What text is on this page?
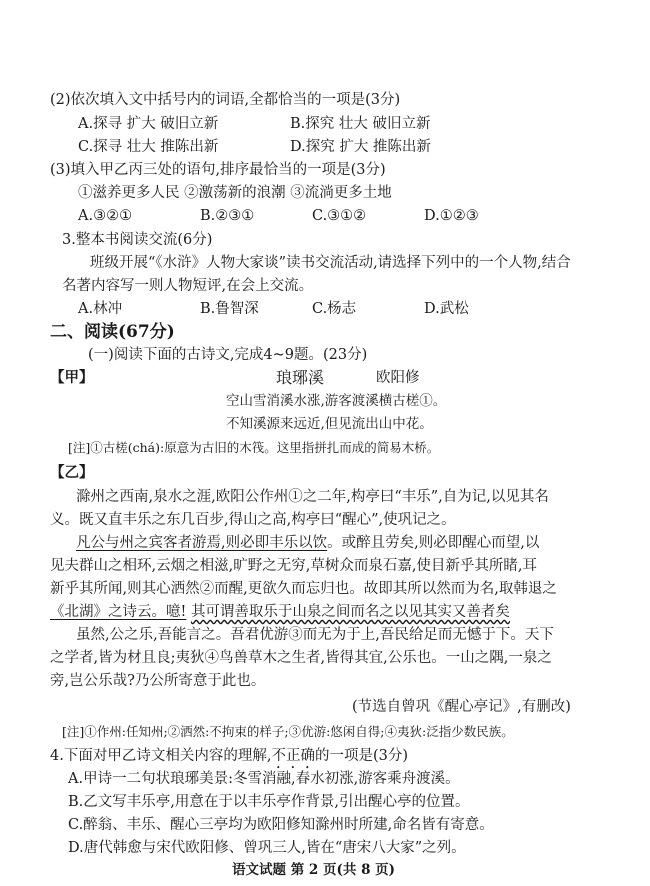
(2)依次填入文中括号内的词语,全都恰当的一项是(3分)
A.探寻 扩大 破旧立新	B.探究 壮大 破旧立新
C.探寻 壮大 推陈出新	D.探究 扩大 推陈出新
(3)填入甲乙丙三处的语句,排序最恰当的一项是(3分)
①滋养更多人民 ②激荡新的浪潮 ③流淌更多土地
A.③②①	B.②③①	C.③①②	D.①②③
3.整本书阅读交流(6分)
班级开展“《水浒》人物大家谈”读书交流活动,请选择下列中的一个人物,结合
名著内容写一则人物短评,在会上交流。
A.林冲	B.鲁智深	C.杨志	D.武松
二、阅读(67分)
(一)阅读下面的古诗文,完成4~9题。(23分)
【甲】	琅琊溪	欧阳修
空山雪消溪水涨,游客渡溪横古槎①。
不知溪源来远近,但见流出山中花。
[注]①古槎(chá):原意为古旧的木筏。这里指拼扎而成的简易木桥。
【乙】
滁州之西南,泉水之涯,欧阳公作州①之二年,构亭曰“丰乐”,自为记,以见其名
义。既又直丰乐之东几百步,得山之高,构亭曰“醒心”,使巩记之。
凡公与州之宾客者游焉,则必即丰乐以饮。或醉且劳矣,则必即醒心而望,以
见夫群山之相环,云烟之相滋,旷野之无穷,草树众而泉石嘉,使目新乎其所睹,耳
新乎其所闻,则其心洒然②而醒,更欲久而忘归也。故即其所以然而为名,取韩退之
《北湖》之诗云。噫! 其可谓善取乐于山泉之间而名之以见其实又善者矣
虽然,公之乐,吾能言之。吾君优游③而无为于上,吾民给足而无憾于下。天下
之学者,皆为材且良;夷狄④鸟兽草木之生者,皆得其宜,公乐也。一山之隅,一泉之
旁,岂公乐哉?乃公所寄意于此也。
(节选自曾巩《醒心亭记》,有删改)
[注]①作州:任知州;②洒然:不拘束的样子;③优游:悠闲自得;④夷狄:泛指少数民族。
4.下面对甲乙诗文相关内容的理解,不正确的一项是(3分)
A.甲诗一二句状琅琊美景:冬雪消融,春水初涨,游客乘舟渡溪。
B.乙文写丰乐亭,用意在于以丰乐亭作背景,引出醒心亭的位置。
C.醉翁、丰乐、醒心三亭均为欧阳修知滁州时所建,命名皆有寄意。
D.唐代韩愈与宋代欧阳修、曾巩三人,皆在“唐宋八大家”之列。
语文试题 第 2 页(共 8 页)
